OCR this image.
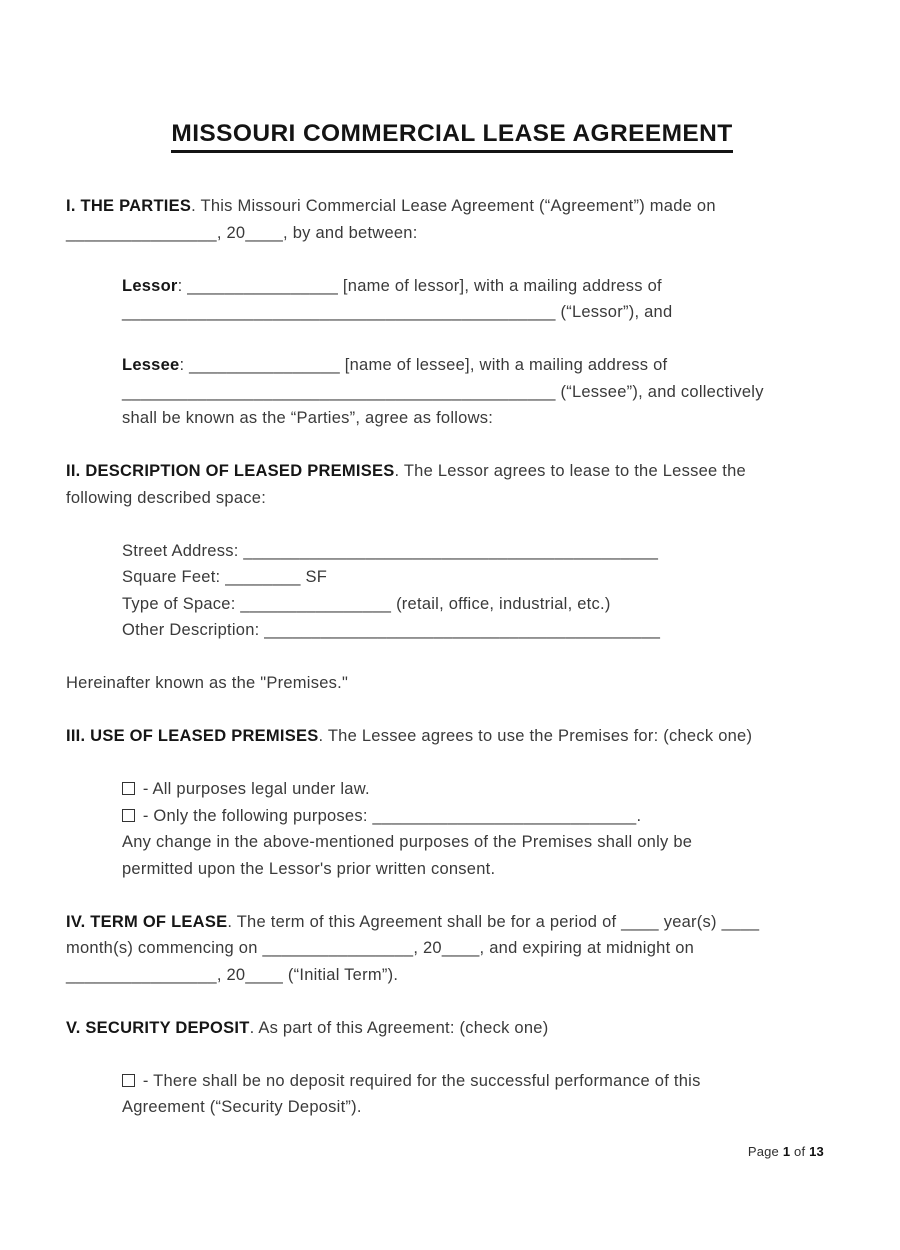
MISSOURI COMMERCIAL LEASE AGREEMENT
I. THE PARTIES. This Missouri Commercial Lease Agreement (“Agreement”) made on
________________, 20____, by and between:
Lessor: ________________ [name of lessor], with a mailing address of
______________________________________________ (“Lessor”), and
Lessee: ________________ [name of lessee], with a mailing address of
______________________________________________ (“Lessee”), and collectively
shall be known as the “Parties”, agree as follows:
II. DESCRIPTION OF LEASED PREMISES. The Lessor agrees to lease to the Lessee the
following described space:
Street Address: ____________________________________________
Square Feet: ________ SF
Type of Space: ________________ (retail, office, industrial, etc.)
Other Description: __________________________________________
Hereinafter known as the "Premises."
III. USE OF LEASED PREMISES. The Lessee agrees to use the Premises for: (check one)
- All purposes legal under law.
- Only the following purposes: ____________________________.
Any change in the above-mentioned purposes of the Premises shall only be
permitted upon the Lessor's prior written consent.
IV. TERM OF LEASE. The term of this Agreement shall be for a period of ____ year(s) ____
month(s) commencing on ________________, 20____, and expiring at midnight on
________________, 20____ (“Initial Term”).
V. SECURITY DEPOSIT. As part of this Agreement: (check one)
- There shall be no deposit required for the successful performance of this
Agreement (“Security Deposit”).
Page 1 of 13
